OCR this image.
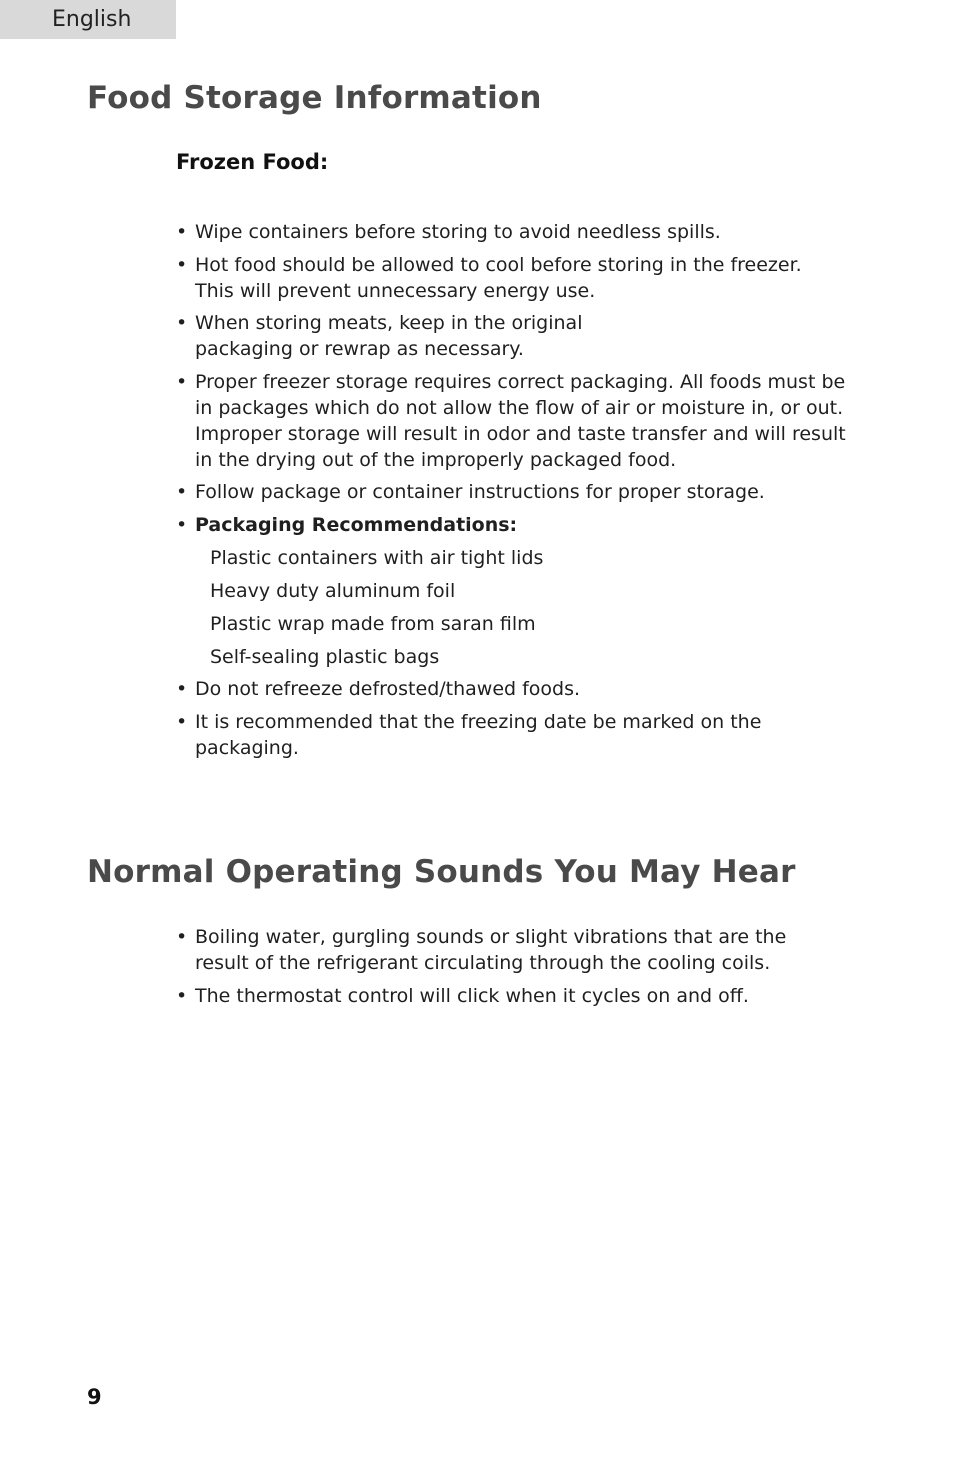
English
Food Storage Information
Frozen Food:
• Wipe containers before storing to avoid needless spills.
• Hot food should be allowed to cool before storing in the freezer. This will prevent unnecessary energy use.
• When storing meats, keep in the original packaging or rewrap as necessary.
• Proper freezer storage requires correct packaging. All foods must be in packages which do not allow the flow of air or moisture in, or out. Improper storage will result in odor and taste transfer and will result in the drying out of the improperly packaged food.
• Follow package or container instructions for proper storage.
• Packaging Recommendations:
Plastic containers with air tight lids
Heavy duty aluminum foil
Plastic wrap made from saran film
Self-sealing plastic bags
• Do not refreeze defrosted/thawed foods.
• It is recommended that the freezing date be marked on the packaging.
Normal Operating Sounds You May Hear
• Boiling water, gurgling sounds or slight vibrations that are the result of the refrigerant circulating through the cooling coils.
• The thermostat control will click when it cycles on and off.
9
